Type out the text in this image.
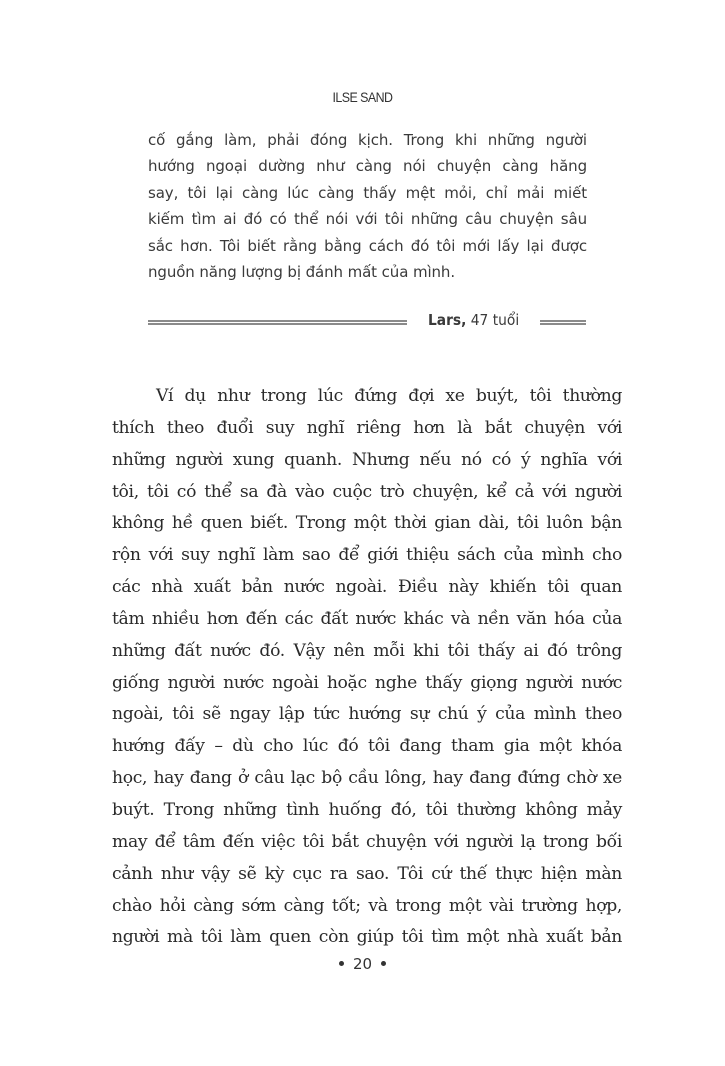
ILSE SAND
cố gắng làm, phải đóng kịch. Trong khi những người
hướng ngoại dường như càng nói chuyện càng hăng
say, tôi lại càng lúc càng thấy mệt mỏi, chỉ mải miết
kiếm tìm ai đó có thể nói với tôi những câu chuyện sâu
sắc hơn. Tôi biết rằng bằng cách đó tôi mới lấy lại được
nguồn năng lượng bị đánh mất của mình.
Lars, 47 tuổi
Ví dụ như trong lúc đứng đợi xe buýt, tôi thường
thích theo đuổi suy nghĩ riêng hơn là bắt chuyện với
những người xung quanh. Nhưng nếu nó có ý nghĩa với
tôi, tôi có thể sa đà vào cuộc trò chuyện, kể cả với người
không hề quen biết. Trong một thời gian dài, tôi luôn bận
rộn với suy nghĩ làm sao để giới thiệu sách của mình cho
các nhà xuất bản nước ngoài. Điều này khiến tôi quan
tâm nhiều hơn đến các đất nước khác và nền văn hóa của
những đất nước đó. Vậy nên mỗi khi tôi thấy ai đó trông
giống người nước ngoài hoặc nghe thấy giọng người nước
ngoài, tôi sẽ ngay lập tức hướng sự chú ý của mình theo
hướng đấy – dù cho lúc đó tôi đang tham gia một khóa
học, hay đang ở câu lạc bộ cầu lông, hay đang đứng chờ xe
buýt. Trong những tình huống đó, tôi thường không mảy
may để tâm đến việc tôi bắt chuyện với người lạ trong bối
cảnh như vậy sẽ kỳ cục ra sao. Tôi cứ thế thực hiện màn
chào hỏi càng sớm càng tốt; và trong một vài trường hợp,
người mà tôi làm quen còn giúp tôi tìm một nhà xuất bản
20
